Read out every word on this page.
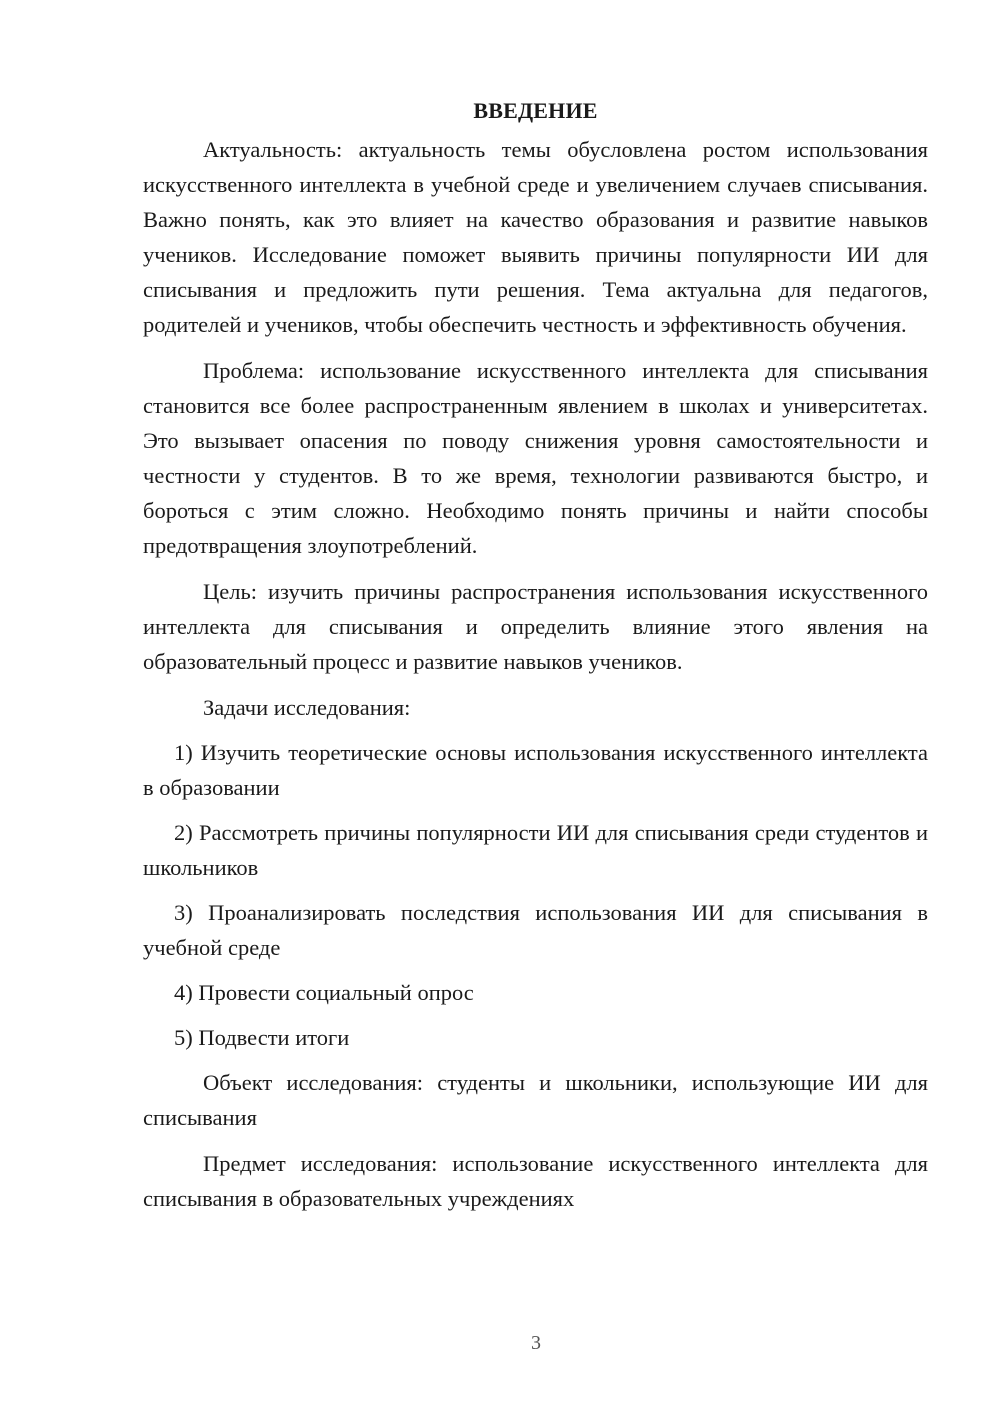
ВВЕДЕНИЕ

Актуальность: актуальность темы обусловлена ростом использования искусственного интеллекта в учебной среде и увеличением случаев списывания. Важно понять, как это влияет на качество образования и развитие навыков учеников. Исследование поможет выявить причины популярности ИИ для списывания и предложить пути решения. Тема актуальна для педагогов, родителей и учеников, чтобы обеспечить честность и эффективность обучения.

Проблема: использование искусственного интеллекта для списывания становится все более распространенным явлением в школах и университетах. Это вызывает опасения по поводу снижения уровня самостоятельности и честности у студентов. В то же время, технологии развиваются быстро, и бороться с этим сложно. Необходимо понять причины и найти способы предотвращения злоупотреблений.

Цель: изучить причины распространения использования искусственного интеллекта для списывания и определить влияние этого явления на образовательный процесс и развитие навыков учеников.

Задачи исследования:

1) Изучить теоретические основы использования искусственного интеллекта в образовании

2) Рассмотреть причины популярности ИИ для списывания среди студентов и школьников

3) Проанализировать последствия использования ИИ для списывания в учебной среде

4) Провести социальный опрос

5) Подвести итоги

Объект исследования: студенты и школьники, использующие ИИ для списывания

Предмет исследования: использование искусственного интеллекта для списывания в образовательных учреждениях

3
